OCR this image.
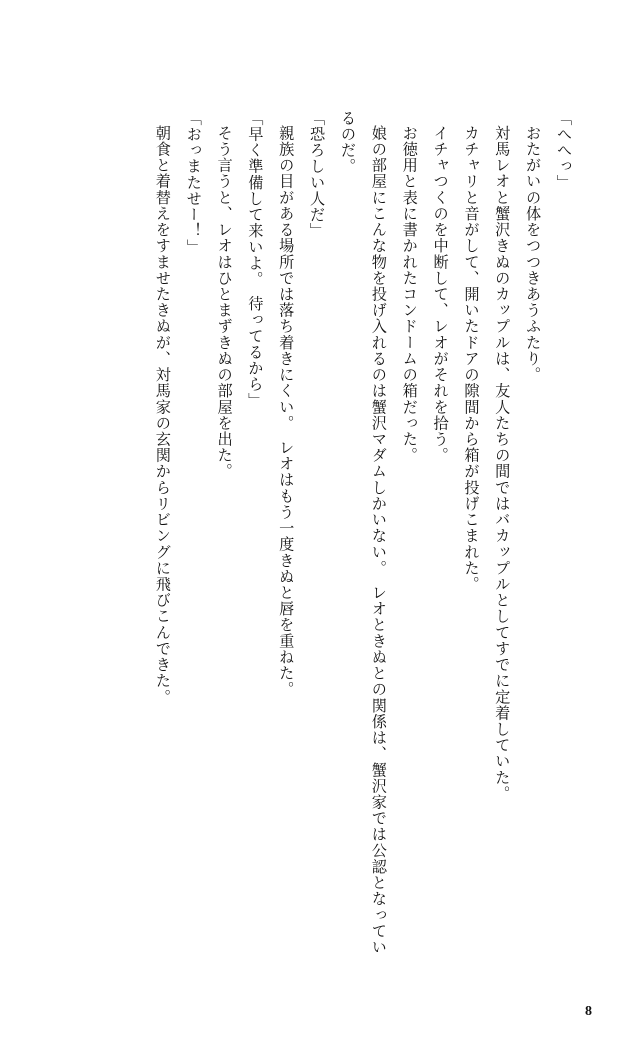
「へへっ」

おたがいの体をつつきあうふたり。

対馬レオと蟹沢きぬのカップルは、友人たちの間ではバカップルとしてすでに定着していた。

カチャリと音がして、開いたドアの隙間から箱が投げこまれた。

イチャつくのを中断して、レオがそれを拾う。

お徳用と表に書かれたコンドームの箱だった。

娘の部屋にこんな物を投げ入れるのは蟹沢マダムしかいない。　レオときぬとの関係は、蟹沢家では公認となっているのだ。

「恐ろしい人だ」

親族の目がある場所では落ち着きにくい。　レオはもう一度きぬと唇を重ねた。

「早く準備して来いよ。　待ってるから」

そう言うと、レオはひとまずきぬの部屋を出た。

「おっまたせー！」

朝食と着替えをすませたきぬが、対馬家の玄関からリビングに飛びこんできた。

8
